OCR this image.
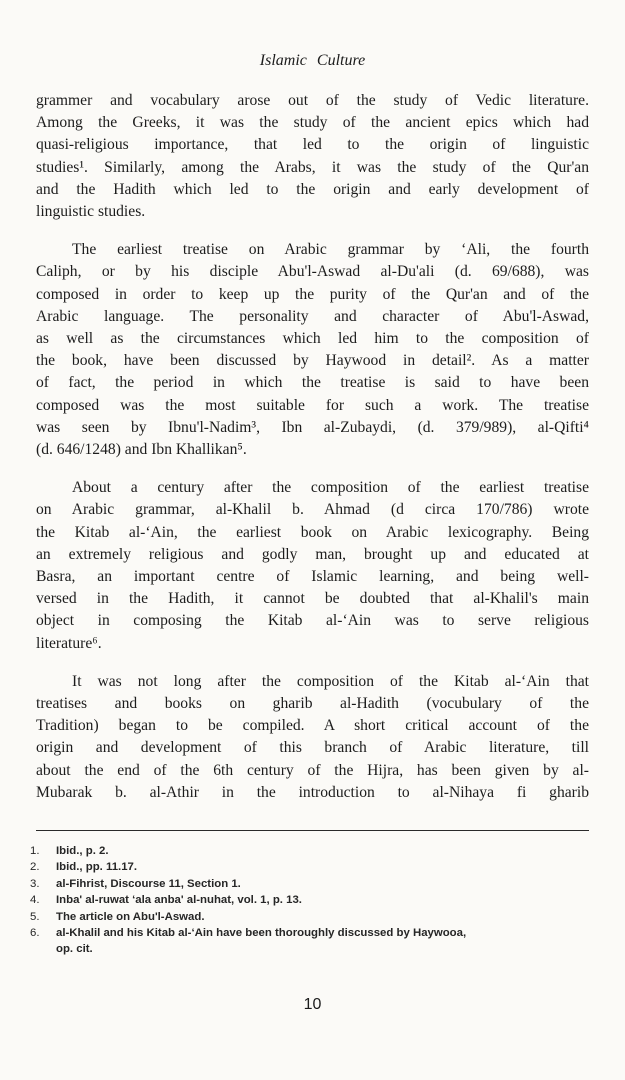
Islamic Culture

grammer and vocabulary arose out of the study of Vedic literature.
Among the Greeks, it was the study of the ancient epics which had
quasi-religious importance, that led to the origin of linguistic
studies¹. Similarly, among the Arabs, it was the study of the Qur'an
and the Hadith which led to the origin and early development of
linguistic studies.

The earliest treatise on Arabic grammar by ‘Ali, the fourth
Caliph, or by his disciple Abu'l-Aswad al-Du'ali (d. 69/688), was
composed in order to keep up the purity of the Qur'an and of the
Arabic language. The personality and character of Abu'l-Aswad,
as well as the circumstances which led him to the composition of
the book, have been discussed by Haywood in detail². As a matter
of fact, the period in which the treatise is said to have been
composed was the most suitable for such a work. The treatise
was seen by Ibnu'l-Nadim³, Ibn al-Zubaydi, (d. 379/989), al-Qifti⁴
(d. 646/1248) and Ibn Khallikan⁵.

About a century after the composition of the earliest treatise
on Arabic grammar, al-Khalil b. Ahmad (d circa 170/786) wrote
the Kitab al-‘Ain, the earliest book on Arabic lexicography. Being
an extremely religious and godly man, brought up and educated at
Basra, an important centre of Islamic learning, and being well-
versed in the Hadith, it cannot be doubted that al-Khalil's main
object in composing the Kitab al-‘Ain was to serve religious
literature⁶.

It was not long after the composition of the Kitab al-‘Ain that
treatises and books on gharib al-Hadith (vocubulary of the
Tradition) began to be compiled. A short critical account of the
origin and development of this branch of Arabic literature, till
about the end of the 6th century of the Hijra, has been given by al-
Mubarak b. al-Athir in the introduction to al-Nihaya fi gharib

1.	Ibid., p. 2.
2.	Ibid., pp. 11.17.
3.	al-Fihrist, Discourse 11, Section 1.
4.	Inba' al-ruwat ‘ala anba' al-nuhat, vol. 1, p. 13.
5.	The article on Abu'l-Aswad.
6.	al-Khalil and his Kitab al-‘Ain have been thoroughly discussed by Haywooa,
op. cit.
10
